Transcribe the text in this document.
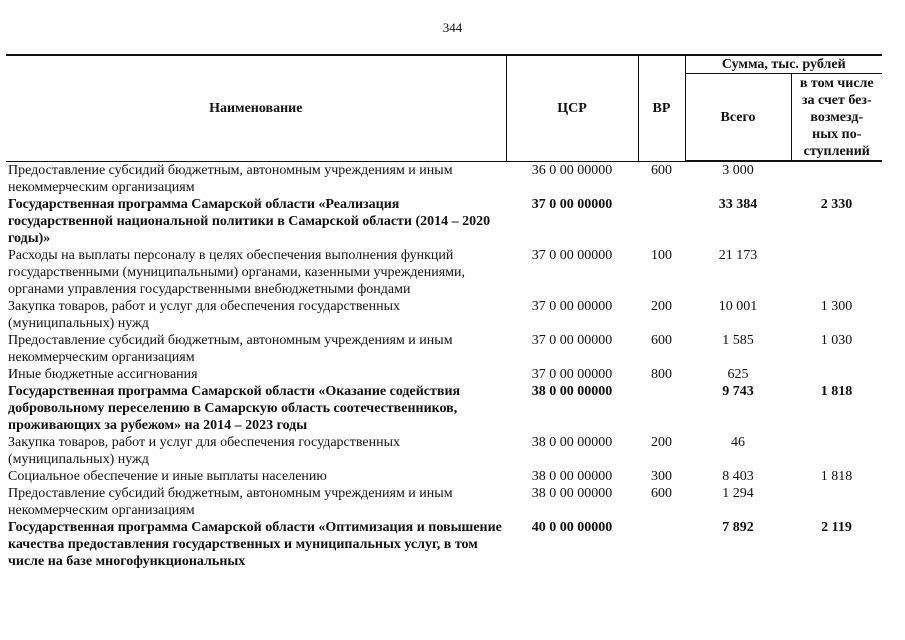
344
Наименование	ЦСР	ВР	Сумма, тыс. рублей	
			Всего	в том числе
за счет без-
возмезд-
ных по-
ступлений
Предоставление субсидий бюджетным, автономным учреждениям и иным некоммерческим организациям	36 0 00 00000	600	3 000	
Государственная программа Самарской области «Реализация государственной национальной политики в Самарской области (2014 – 2020 годы)»	37 0 00 00000		33 384	2 330
Расходы на выплаты персоналу в целях обеспечения выполнения функций государственными (муниципальными) органами, казенными учреждениями, органами управления государственными внебюджетными фондами	37 0 00 00000	100	21 173	
Закупка товаров, работ и услуг для обеспечения государственных (муниципальных) нужд	37 0 00 00000	200	10 001	1 300
Предоставление субсидий бюджетным, автономным учреждениям и иным некоммерческим организациям	37 0 00 00000	600	1 585	1 030
Иные бюджетные ассигнования	37 0 00 00000	800	625	
Государственная программа Самарской области «Оказание содействия добровольному переселению в Самарскую область соотечественников, проживающих за рубежом» на 2014 – 2023 годы	38 0 00 00000		9 743	1 818
Закупка товаров, работ и услуг для обеспечения государственных (муниципальных) нужд	38 0 00 00000	200	46	
Социальное обеспечение и иные выплаты населению	38 0 00 00000	300	8 403	1 818
Предоставление субсидий бюджетным, автономным учреждениям и иным некоммерческим организациям	38 0 00 00000	600	1 294	
Государственная программа Самарской области «Оптимизация и повышение качества предоставления государственных и муниципальных услуг, в том числе на базе многофункциональных	40 0 00 00000		7 892	2 119
